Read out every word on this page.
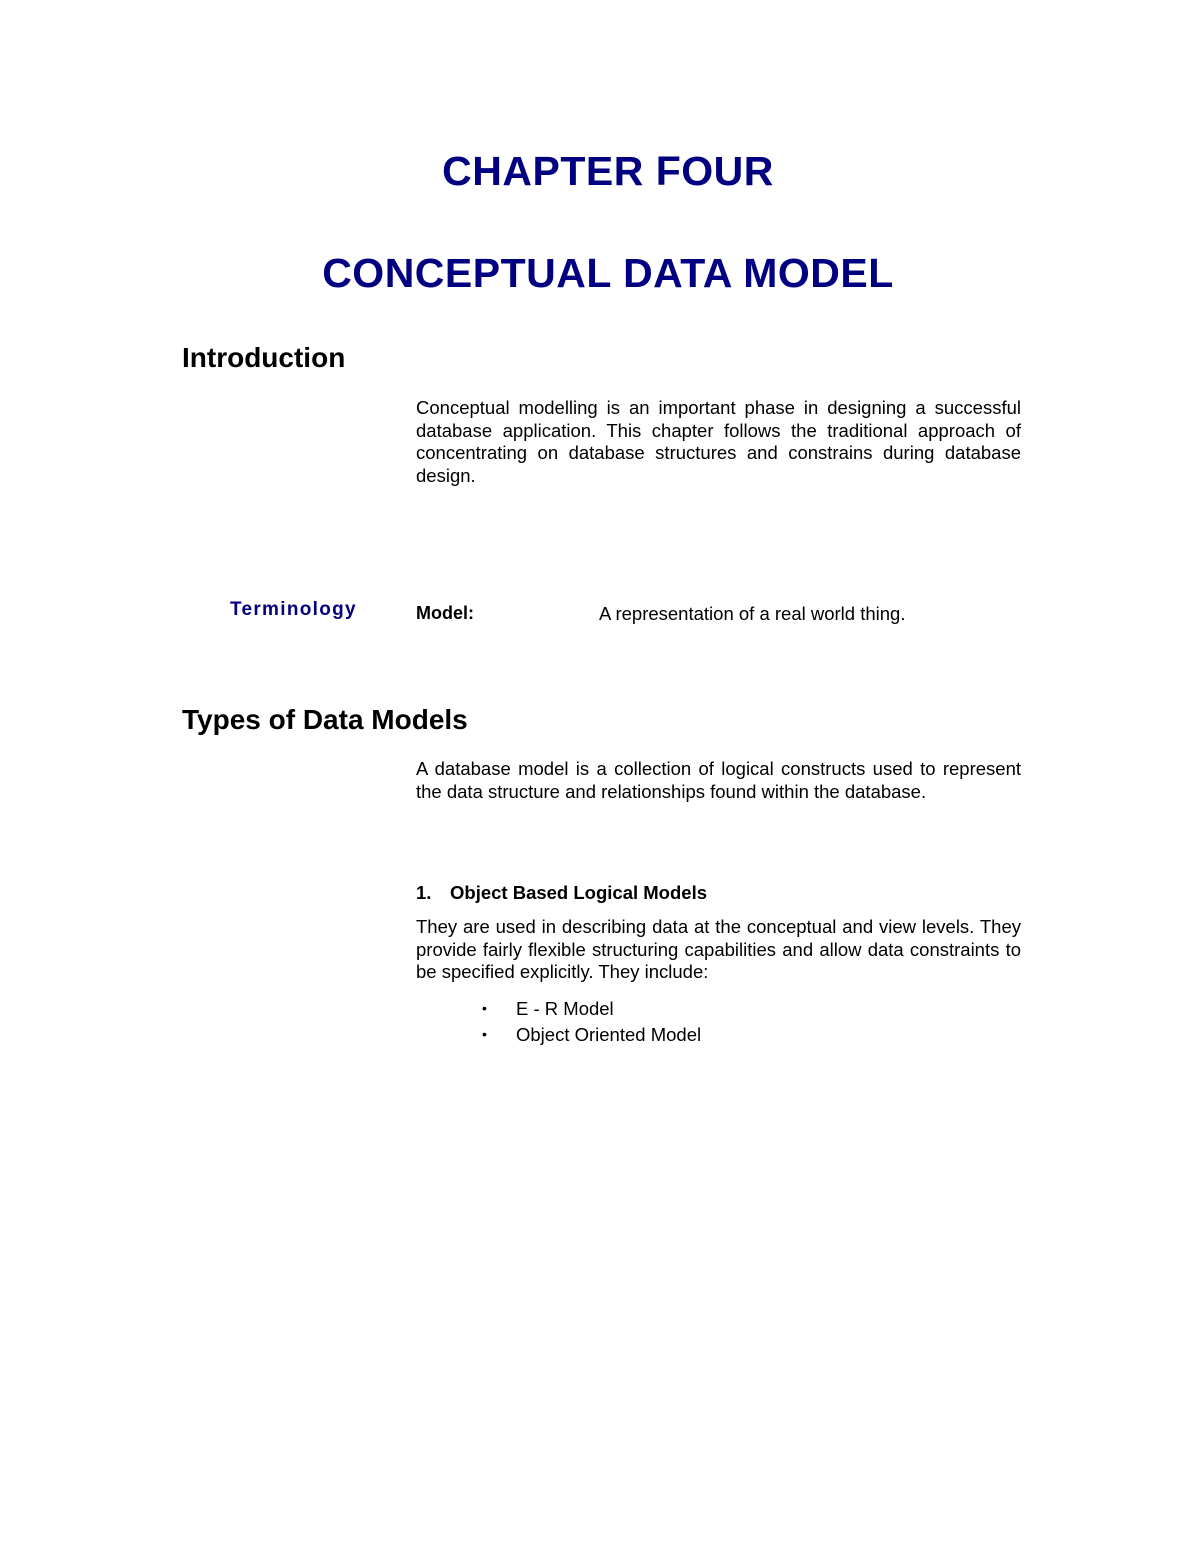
CHAPTER FOUR
CONCEPTUAL DATA MODEL
Introduction
Conceptual modelling is an important phase in designing a successful database application. This chapter follows the traditional approach of concentrating on database structures and constrains during database design.
Terminology	Model:	A representation of a real world thing.
Types of Data Models
A database model is a collection of logical constructs used to represent the data structure and relationships found within the database.
1. Object Based Logical Models
They are used in describing data at the conceptual and view levels. They provide fairly flexible structuring capabilities and allow data constraints to be specified explicitly. They include:
• E - R Model
• Object Oriented Model
